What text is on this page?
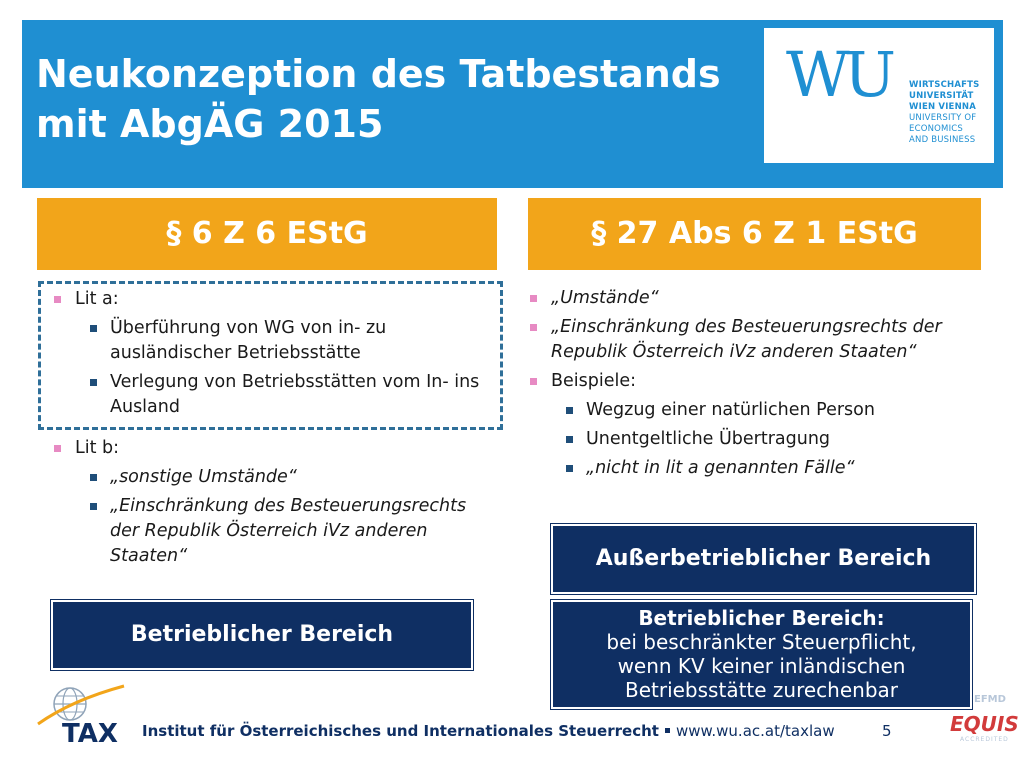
Neukonzeption des Tatbestands
mit AbgÄG 2015
WU WIRTSCHAFTS
UNIVERSITÄT
WIEN VIENNA
UNIVERSITY OF
ECONOMICS
AND BUSINESS
§ 6 Z 6 EStG	§ 27 Abs 6 Z 1 EStG
Lit a:
Überführung von WG von in- zu ausländischer Betriebsstätte
Verlegung von Betriebsstätten vom In- ins Ausland
Lit b:
„sonstige Umstände“
„Einschränkung des Besteuerungsrechts der Republik Österreich iVz anderen Staaten“
„Umstände“
„Einschränkung des Besteuerungsrechts der Republik Österreich iVz anderen Staaten“
Beispiele:
Wegzug einer natürlichen Person
Unentgeltliche Übertragung
„nicht in lit a genannten Fälle“
Betrieblicher Bereich
Außerbetrieblicher Bereich
Betrieblicher Bereich:
bei beschränkter Steuerpflicht,
wenn KV keiner inländischen
Betriebsstätte zurechenbar
TAX Institut für Österreichisches und Internationales Steuerrecht www.wu.ac.at/taxlaw	5
EFMD
EQUIS
ACCREDITED
